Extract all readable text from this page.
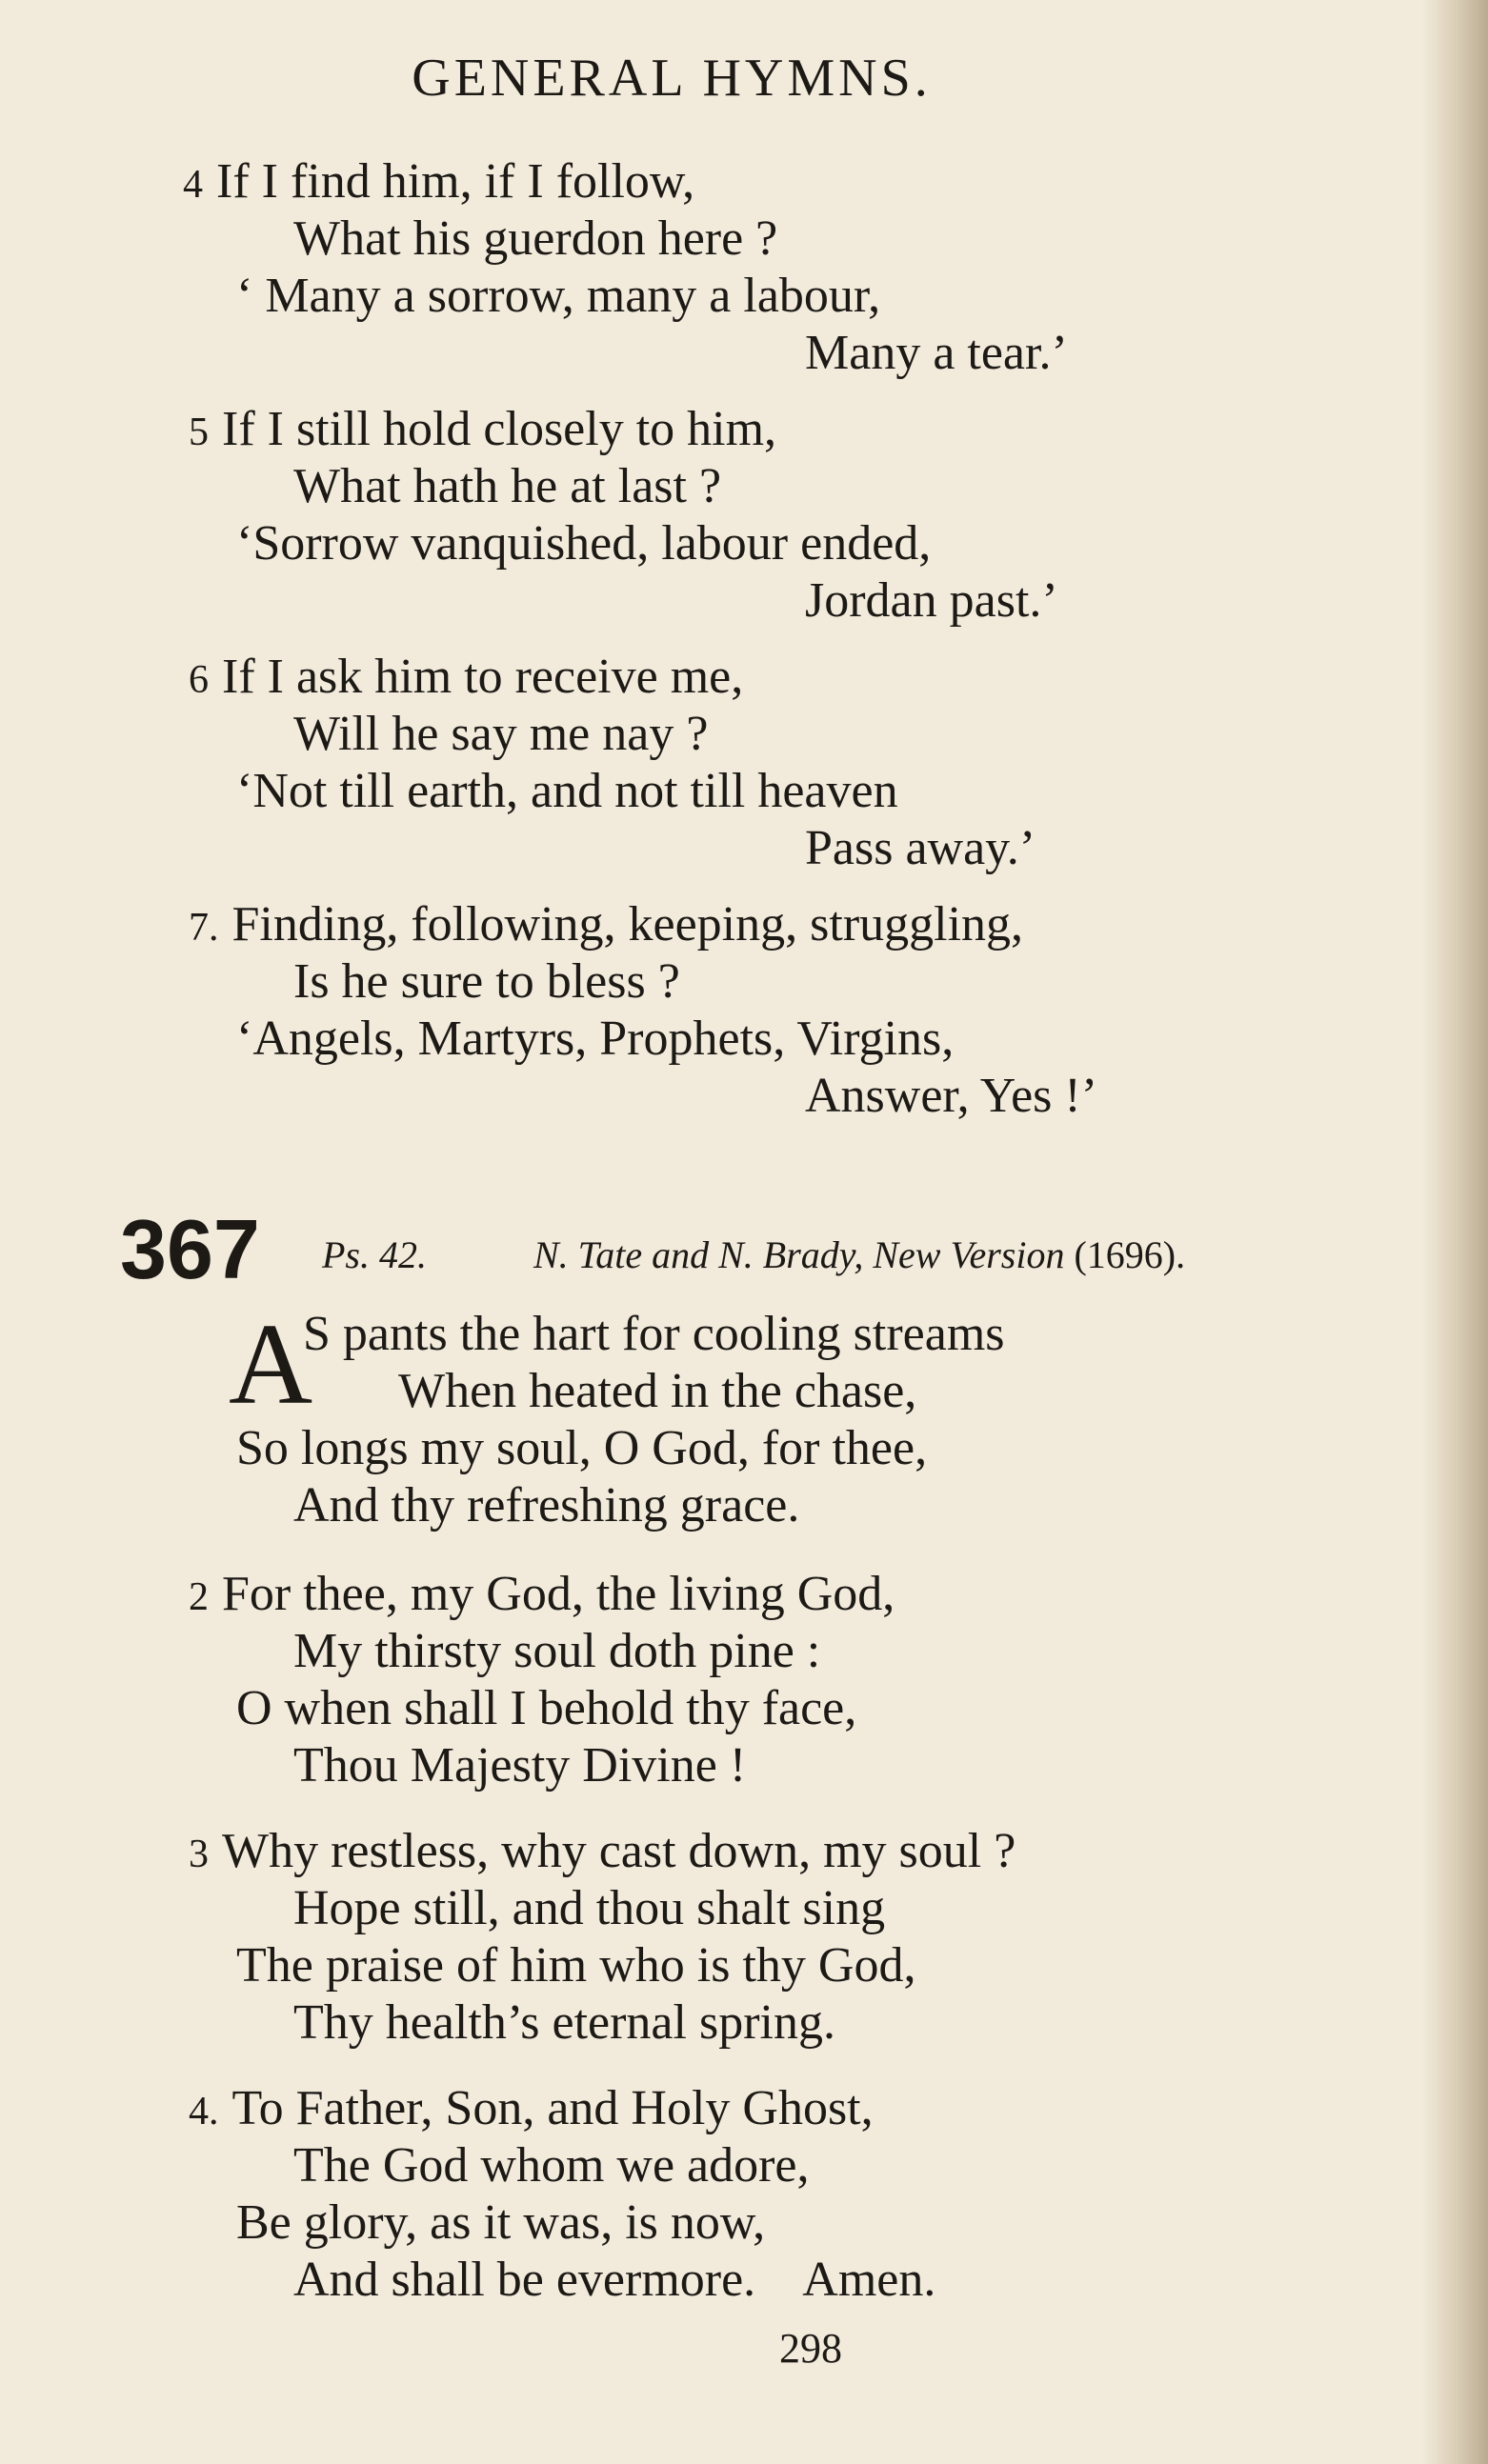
GENERAL HYMNS.
4 If I find him, if I follow,
What his guerdon here ?
‘ Many a sorrow, many a labour,
Many a tear.’
5 If I still hold closely to him,
What hath he at last ?
‘Sorrow vanquished, labour ended,
Jordan past.’
6 If I ask him to receive me,
Will he say me nay ?
‘Not till earth, and not till heaven
Pass away.’
7. Finding, following, keeping, struggling,
Is he sure to bless ?
‘Angels, Martyrs, Prophets, Virgins,
Answer, Yes !’
367 Ps. 42.	N. Tate and N. Brady, New Version (1696).
A
S pants the hart for cooling streams
When heated in the chase,
So longs my soul, O God, for thee,
And thy refreshing grace.
2 For thee, my God, the living God,
My thirsty soul doth pine :
O when shall I behold thy face,
Thou Majesty Divine !
3 Why restless, why cast down, my soul ?
Hope still, and thou shalt sing
The praise of him who is thy God,
Thy health’s eternal spring.
4. To Father, Son, and Holy Ghost,
The God whom we adore,
Be glory, as it was, is now,
And shall be evermore.    Amen.
298
